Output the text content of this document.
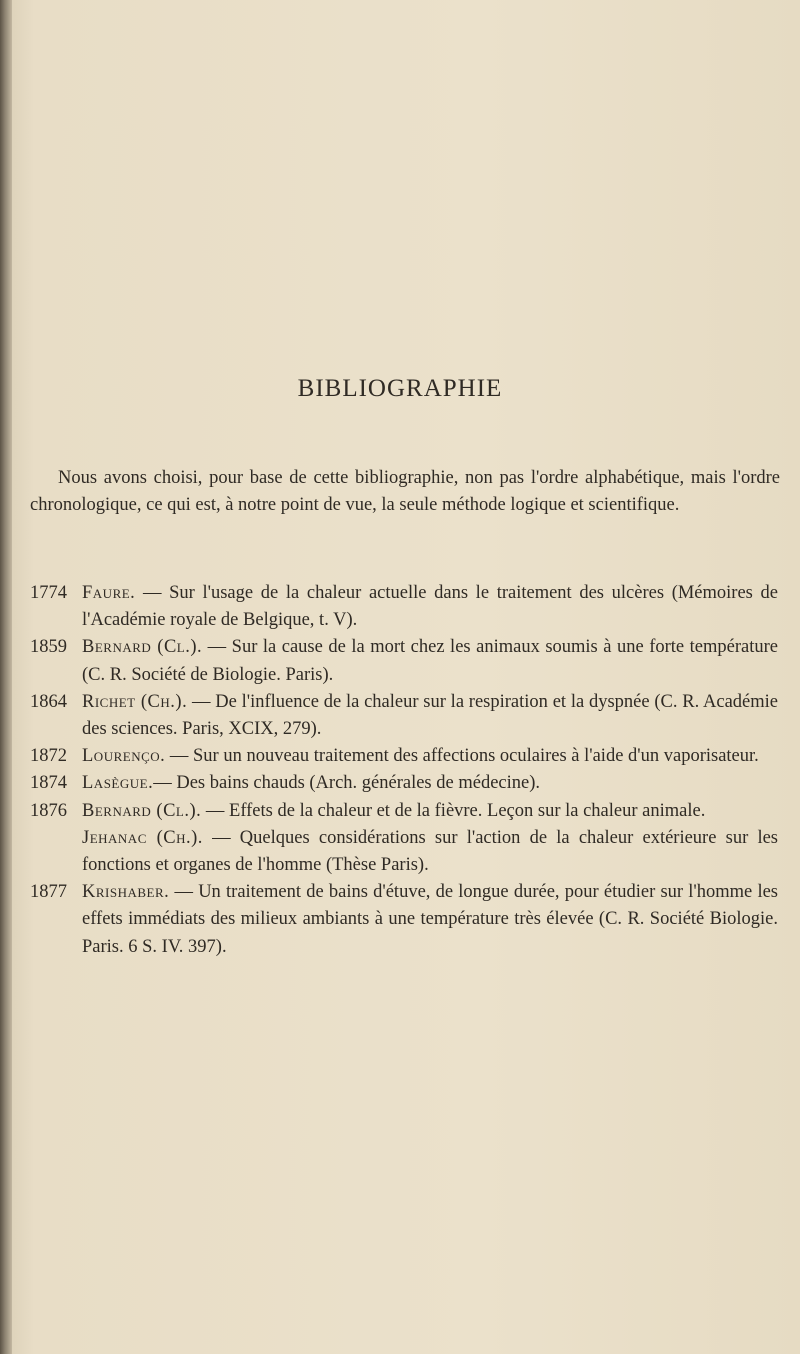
BIBLIOGRAPHIE

Nous avons choisi, pour base de cette bibliographie, non pas l'ordre alphabétique, mais l'ordre chronologique, ce qui est, à notre point de vue, la seule méthode logique et scientifique.

1774 Faure. — Sur l'usage de la chaleur actuelle dans le traitement des ulcères (Mémoires de l'Académie royale de Belgique, t. V).
1859 Bernard (Cl.). — Sur la cause de la mort chez les animaux soumis à une forte température (C. R. Société de Biologie. Paris).
1864 Richet (Ch.). — De l'influence de la chaleur sur la respiration et la dyspnée (C. R. Académie des sciences. Paris, XCIX, 279).
1872 Lourenço. — Sur un nouveau traitement des affections oculaires à l'aide d'un vaporisateur.
1874 Lasègue.— Des bains chauds (Arch. générales de médecine).
1876 Bernard (Cl.). — Effets de la chaleur et de la fièvre. Leçon sur la chaleur animale.
Jehanac (Ch.). — Quelques considérations sur l'action de la chaleur extérieure sur les fonctions et organes de l'homme (Thèse Paris).
1877 Krishaber. — Un traitement de bains d'étuve, de longue durée, pour étudier sur l'homme les effets immédiats des milieux ambiants à une température très élevée (C. R. Société Biologie. Paris. 6 S. IV. 397).
